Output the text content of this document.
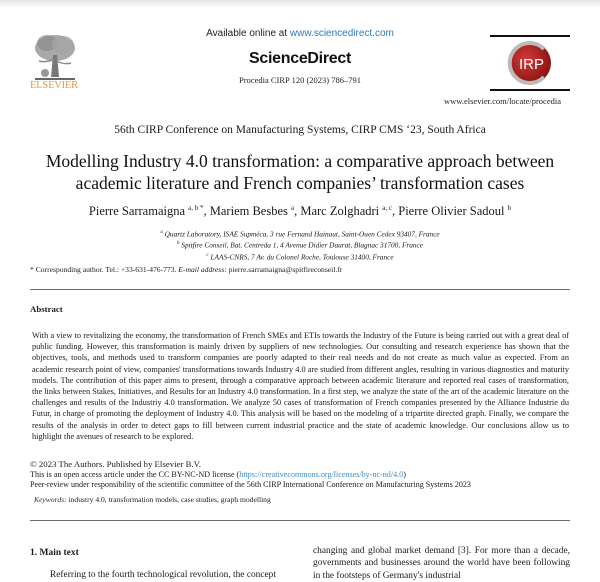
ELSEVIER
Available online at www.sciencedirect.com
ScienceDirect
Procedia CIRP 120 (2023) 786–791
IRP
www.elsevier.com/locate/procedia
56th CIRP Conference on Manufacturing Systems, CIRP CMS ‘23, South Africa
Modelling Industry 4.0 transformation: a comparative approach between
academic literature and French companies’ transformation cases
Pierre Sarramaigna $^{a, b *}$, Mariem Besbes $^a$, Marc Zolghadri $^{a, c}$, Pierre Olivier Sadoul $^b$
$^a$ Quartz Laboratory, ISAE Supméca, 3 rue Fernand Hainaut, Saint-Ouen Cedex 93407, France
$^b$ Spitfire Conseil, Bat. Centreda 1, 4 Avenue Didier Daurat, Blagnac 31700, France
$^c$ LAAS-CNRS, 7 Av. du Colonel Roche, Toulouse 31400, France
* Corresponding author. Tel.: +33-631-476-773. E-mail address: pierre.sarramaigna@spitfireconseil.fr
Abstract
With a view to revitalizing the economy, the transformation of French SMEs and ETIs towards the Industry of the Future is being carried out with a great deal of public funding. However, this transformation is mainly driven by suppliers of new technologies. Our consulting and research experience has shown that the objectives, tools, and methods used to transform companies are poorly adapted to their real needs and do not create as much value as expected. From an academic research point of view, companies' transformations towards Industry 4.0 are studied from different angles, resulting in various diagnostics and maturity models. The contribution of this paper aims to present, through a comparative approach between academic literature and reported real cases of transformation, the links between Stakes, Initiatives, and Results for an Industry 4.0 transformation. In a first step, we analyze the state of the art of the academic literature on the challenges and results of the Industriy 4.0 transformation. We analyze 50 cases of transformation of French companies presented by the Alliance Industrie du Futur, in charge of promoting the deployment of Industry 4.0. This analysis will be based on the modeling of a tripartite directed graph. Finally, we compare the results of the analysis in order to detect gaps to fill between current industrial practice and the state of academic knowledge. Our conclusions allow us to highlight the avenues of research to be explored.
© 2023 The Authors. Published by Elsevier B.V.
This is an open access article under the CC BY-NC-ND license (https://creativecommons.org/licenses/by-nc-nd/4.0)
Peer-review under responsibility of the scientific committee of the 56th CIRP International Conference on Manufacturing Systems 2023
Keywords: industry 4.0, transformation models, case studies, graph modelling
1. Main text
Referring to the fourth technological revolution, the concept
changing and global market demand [3]. For more than a decade, governments and businesses around the world have been following in the footsteps of Germany's industrial
